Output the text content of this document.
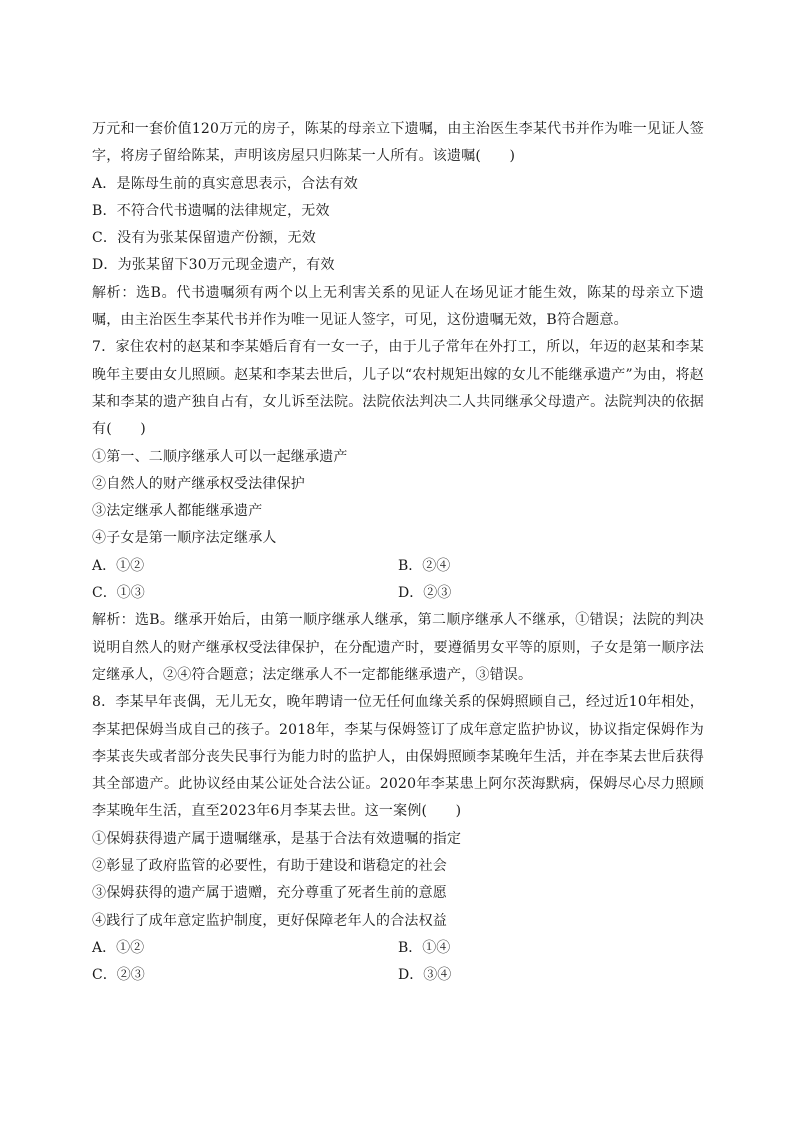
万元和一套价值120万元的房子，陈某的母亲立下遗嘱，由主治医生李某代书并作为唯一见证人签字，将房子留给陈某，声明该房屋只归陈某一人所有。该遗嘱(　　)
A．是陈母生前的真实意思表示，合法有效
B．不符合代书遗嘱的法律规定，无效
C．没有为张某保留遗产份额，无效
D．为张某留下30万元现金遗产，有效
解析：选B。代书遗嘱须有两个以上无利害关系的见证人在场见证才能生效，陈某的母亲立下遗嘱，由主治医生李某代书并作为唯一见证人签字，可见，这份遗嘱无效，B符合题意。
7．家住农村的赵某和李某婚后育有一女一子，由于儿子常年在外打工，所以，年迈的赵某和李某晚年主要由女儿照顾。赵某和李某去世后，儿子以“农村规矩出嫁的女儿不能继承遗产”为由，将赵某和李某的遗产独自占有，女儿诉至法院。法院依法判决二人共同继承父母遗产。法院判决的依据有(　　)
①第一、二顺序继承人可以一起继承遗产
②自然人的财产继承权受法律保护
③法定继承人都能继承遗产
④子女是第一顺序法定继承人
A．①②	B．②④
C．①③	D．②③
解析：选B。继承开始后，由第一顺序继承人继承，第二顺序继承人不继承，①错误；法院的判决说明自然人的财产继承权受法律保护，在分配遗产时，要遵循男女平等的原则，子女是第一顺序法定继承人，②④符合题意；法定继承人不一定都能继承遗产，③错误。
8．李某早年丧偶，无儿无女，晚年聘请一位无任何血缘关系的保姆照顾自己，经过近10年相处，李某把保姆当成自己的孩子。2018年，李某与保姆签订了成年意定监护协议，协议指定保姆作为李某丧失或者部分丧失民事行为能力时的监护人，由保姆照顾李某晚年生活，并在李某去世后获得其全部遗产。此协议经由某公证处合法公证。2020年李某患上阿尔茨海默病，保姆尽心尽力照顾李某晚年生活，直至2023年6月李某去世。这一案例(　　)
①保姆获得遗产属于遗嘱继承，是基于合法有效遗嘱的指定
②彰显了政府监管的必要性，有助于建设和谐稳定的社会
③保姆获得的遗产属于遗赠，充分尊重了死者生前的意愿
④践行了成年意定监护制度，更好保障老年人的合法权益
A．①②	B．①④
C．②③	D．③④
